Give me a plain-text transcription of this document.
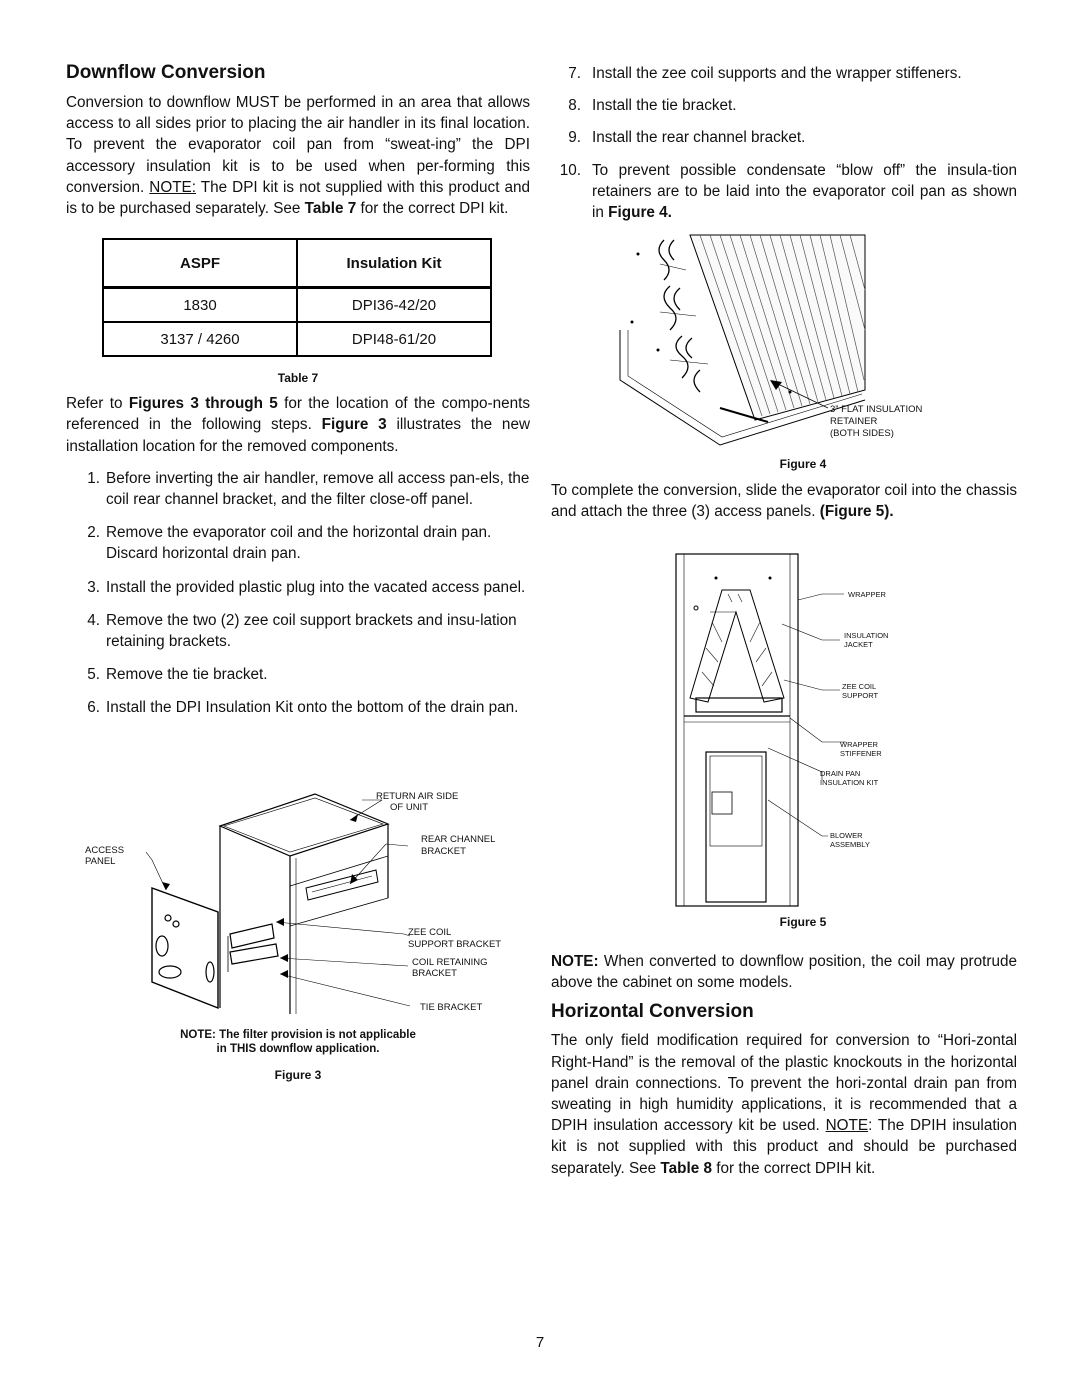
Downflow Conversion

Conversion to downflow MUST be performed in an area that allows access to all sides prior to placing the air handler in its final location. To prevent the evaporator coil pan from “sweat-ing” the DPI accessory insulation kit is to be used when per-forming this conversion. NOTE: The DPI kit is not supplied with this product and is to be purchased separately. See Table 7 for the correct DPI kit.

ASPF	Insulation Kit
1830	DPI36-42/20
3137 / 4260	DPI48-61/20
Table 7

Refer to Figures 3 through 5 for the location of the compo-nents referenced in the following steps. Figure 3 illustrates the new installation location for the removed components.

1. Before inverting the air handler, remove all access pan-els, the coil rear channel bracket, and the filter close-off panel.
2. Remove the evaporator coil and the horizontal drain pan. Discard horizontal drain pan.
3. Install the provided plastic plug into the vacated access panel.
4. Remove the two (2) zee coil support brackets and insu-lation retaining brackets.
5. Remove the tie bracket.
6. Install the DPI Insulation Kit onto the bottom of the drain pan.
RETURN AIR SIDE
OF UNIT
ACCESS
PANEL
REAR CHANNEL
BRACKET
ZEE COIL
SUPPORT BRACKET
COIL RETAINING
BRACKET
TIE BRACKET
NOTE: The filter provision is not applicable
in THIS downflow application.
Figure 3
7. Install the zee coil supports and the wrapper stiffeners.
8. Install the tie bracket.
9. Install the rear channel bracket.
10. To prevent possible condensate “blow off” the insula-tion retainers are to be laid into the evaporator coil pan as shown in Figure 4.
3” FLAT INSULATION
RETAINER
(BOTH SIDES)
Figure 4

To complete the conversion, slide the evaporator coil into the chassis and attach the three (3) access panels. (Figure 5).

WRAPPER
INSULATION
JACKET
ZEE COIL
SUPPORT
WRAPPER
STIFFENER
DRAIN PAN
INSULATION KIT
BLOWER
ASSEMBLY
Figure 5

NOTE: When converted to downflow position, the coil may protrude above the cabinet on some models.

Horizontal Conversion

The only field modification required for conversion to “Hori-zontal Right-Hand” is the removal of the plastic knockouts in the horizontal panel drain connections. To prevent the hori-zontal drain pan from sweating in high humidity applications, it is recommended that a DPIH insulation accessory kit be used. NOTE: The DPIH insulation kit is not supplied with this product and should be purchased separately. See Table 8 for the correct DPIH kit.

7
